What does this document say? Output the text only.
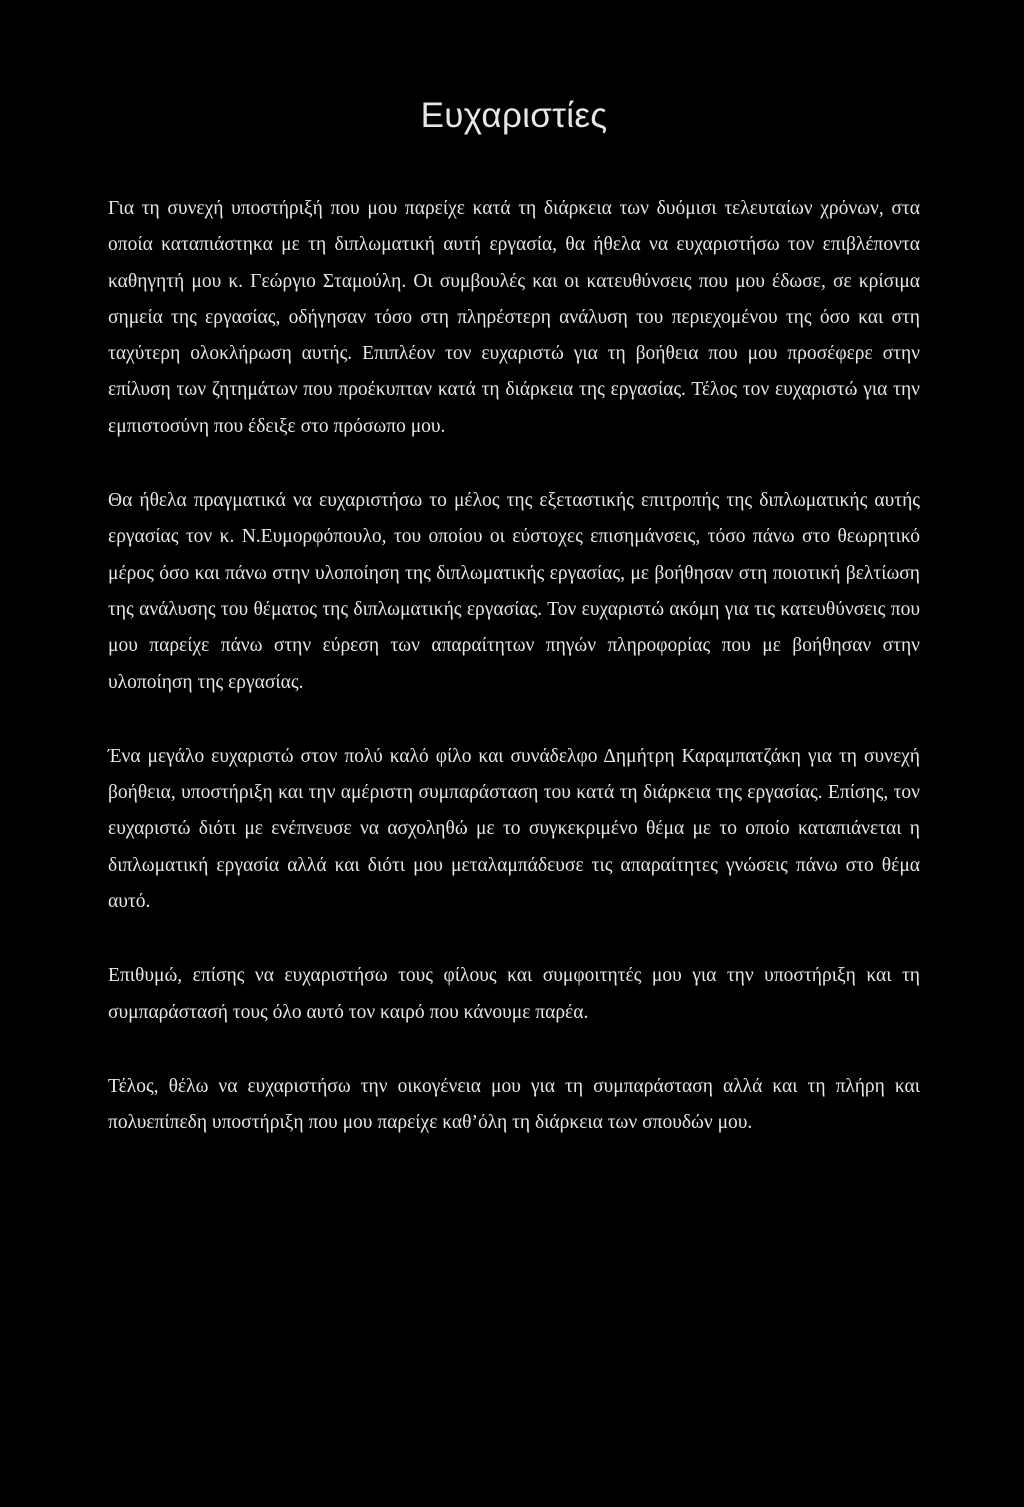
Ευχαριστίες

Για τη συνεχή υποστήριξή που μου παρείχε κατά τη διάρκεια των δυόμισι τελευταίων χρόνων, στα οποία καταπιάστηκα με τη διπλωματική αυτή εργασία, θα ήθελα να ευχαριστήσω τον επιβλέποντα καθηγητή μου κ. Γεώργιο Σταμούλη. Οι συμβουλές και οι κατευθύνσεις που μου έδωσε, σε κρίσιμα σημεία της εργασίας, οδήγησαν τόσο στη πληρέστερη ανάλυση του περιεχομένου της όσο και στη ταχύτερη ολοκλήρωση αυτής. Επιπλέον τον ευχαριστώ για τη βοήθεια που μου προσέφερε στην επίλυση των ζητημάτων που προέκυπταν κατά τη διάρκεια της εργασίας. Τέλος τον ευχαριστώ για την εμπιστοσύνη που έδειξε στο πρόσωπο μου.

Θα ήθελα πραγματικά να ευχαριστήσω το μέλος της εξεταστικής επιτροπής της διπλωματικής αυτής εργασίας τον κ. Ν.Ευμορφόπουλο, του οποίου οι εύστοχες επισημάνσεις, τόσο πάνω στο θεωρητικό μέρος όσο και πάνω στην υλοποίηση της διπλωματικής εργασίας, με βοήθησαν στη ποιοτική βελτίωση της ανάλυσης του θέματος της διπλωματικής εργασίας. Τον ευχαριστώ ακόμη για τις κατευθύνσεις που μου παρείχε πάνω στην εύρεση των απαραίτητων πηγών πληροφορίας που με βοήθησαν στην υλοποίηση της εργασίας.

Ένα μεγάλο ευχαριστώ στον πολύ καλό φίλο και συνάδελφο Δημήτρη Καραμπατζάκη για τη συνεχή βοήθεια, υποστήριξη και την αμέριστη συμπαράσταση του κατά τη διάρκεια της εργασίας. Επίσης, τον ευχαριστώ διότι με ενέπνευσε να ασχοληθώ με το συγκεκριμένο θέμα με το οποίο καταπιάνεται η διπλωματική εργασία αλλά και διότι μου μεταλαμπάδευσε τις απαραίτητες γνώσεις πάνω στο θέμα αυτό.

Επιθυμώ, επίσης να ευχαριστήσω τους φίλους και συμφοιτητές μου για την υποστήριξη και τη συμπαράστασή τους όλο αυτό τον καιρό που κάνουμε παρέα.

Τέλος, θέλω να ευχαριστήσω την οικογένεια μου για τη συμπαράσταση αλλά και τη πλήρη και πολυεπίπεδη υποστήριξη που μου παρείχε καθ’όλη τη διάρκεια των σπουδών μου.
